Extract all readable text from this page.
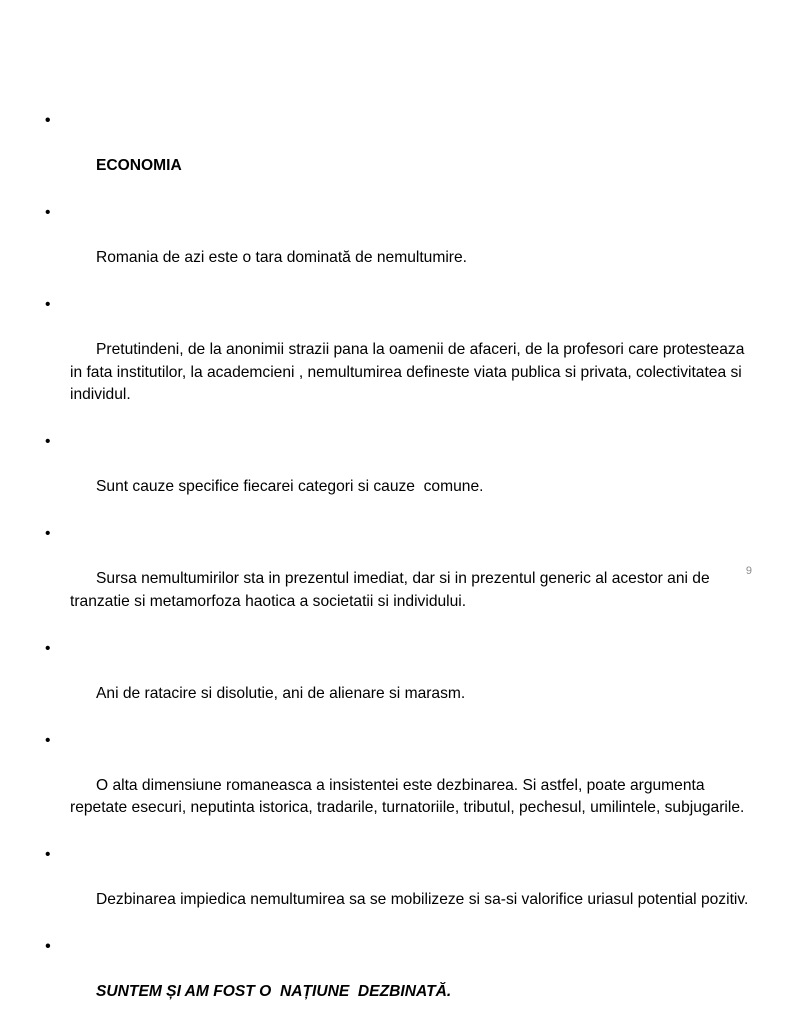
•

ECONOMIA

•

Romania de azi este o tara dominată de nemultumire.

•

Pretutindeni, de la anonimii strazii pana la oamenii de afaceri, de la profesori care protesteaza in fata institutilor, la academcieni , nemultumirea defineste viata publica si privata, colectivitatea si individul.

•

Sunt cauze specifice fiecarei categori si cauze  comune.

•

Sursa nemultumirilor sta in prezentul imediat, dar si in prezentul generic al acestor ani de tranzatie si metamorfoza haotica a societatii si individului.

•

Ani de ratacire si disolutie, ani de alienare si marasm.

•

O alta dimensiune romaneasca a insistentei este dezbinarea. Si astfel, poate argumenta repetate esecuri, neputinta istorica, tradarile, turnatoriile, tributul, pechesul, umilintele, subjugarile.

•

Dezbinarea impiedica nemultumirea sa se mobilizeze si sa-si valorifice uriasul potential pozitiv.

•

SUNTEM ȘI AM FOST O  NAȚIUNE  DEZBINATĂ.

9
